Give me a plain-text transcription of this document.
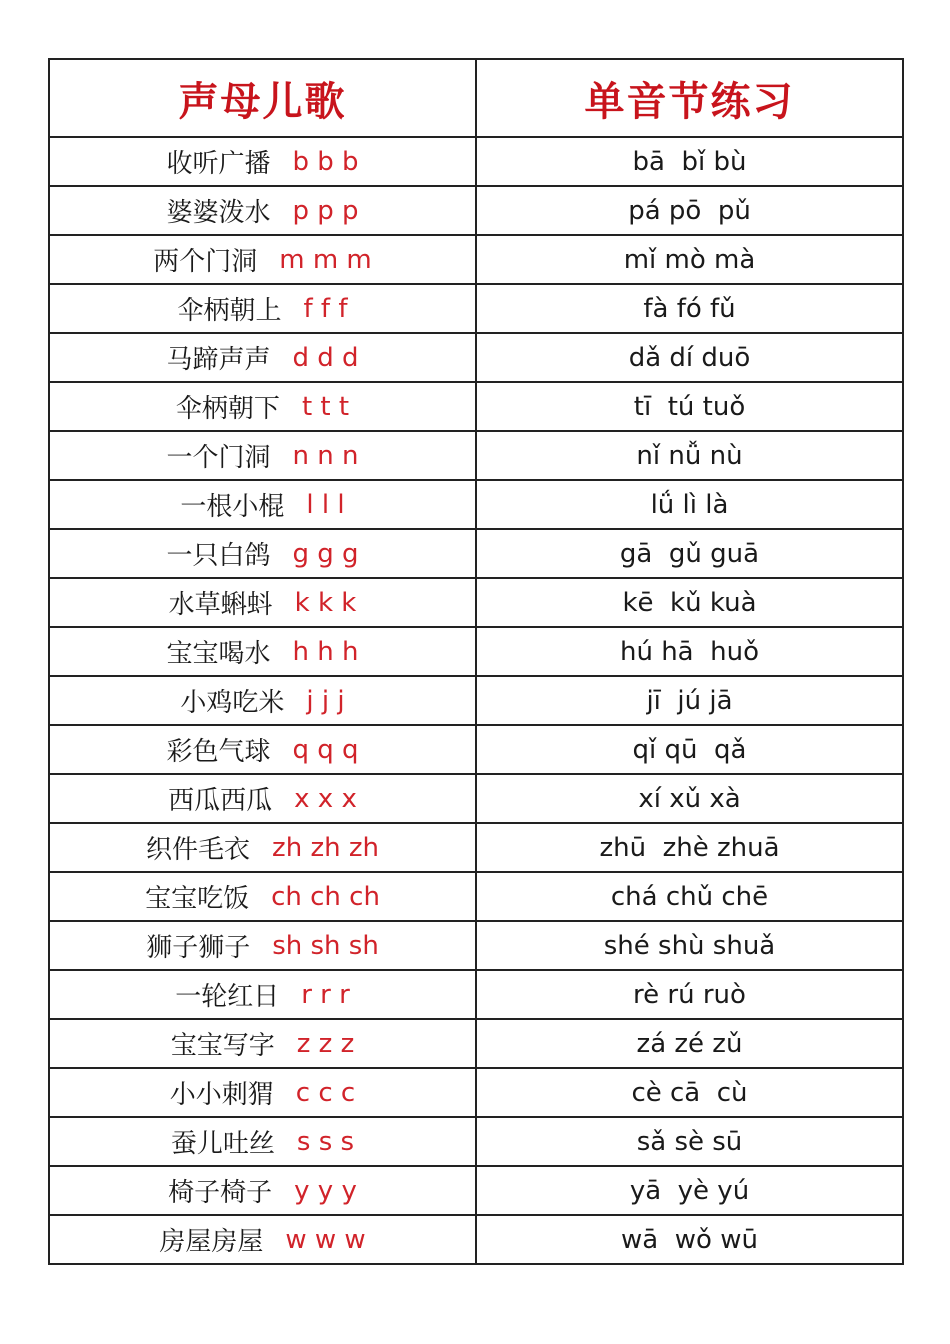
声母儿歌	单音节练习

收听广播 b b b	bā  bǐ bù

婆婆泼水 p p p	pá pō  pǔ

两个门洞 m m m	mǐ mò mà

伞柄朝上 f f f	fà fó fǔ

马蹄声声 d d d	dǎ dí duō

伞柄朝下 t t t	tī  tú tuǒ

一个门洞 n n n	nǐ nǚ nù

一根小棍 l l l	lǘ lì là

一只白鸽 g g g	gā  gǔ guā

水草蝌蚪 k k k	kē  kǔ kuà

宝宝喝水 h h h	hú hā  huǒ

小鸡吃米 j j j	jī  jú jā

彩色气球 q q q	qǐ qū  qǎ

西瓜西瓜 x x x	xí xǔ xà

织件毛衣 zh zh zh	zhū  zhè zhuā

宝宝吃饭 ch ch ch	chá chǔ chē

狮子狮子 sh sh sh	shé shù shuǎ

一轮红日 r r r	rè rú ruò

宝宝写字 z z z	zá zé zǔ

小小刺猬 c c c	cè cā  cù

蚕儿吐丝 s s s	sǎ sè sū

椅子椅子 y y y	yā  yè yú

房屋房屋 w w w	wā  wǒ wū
